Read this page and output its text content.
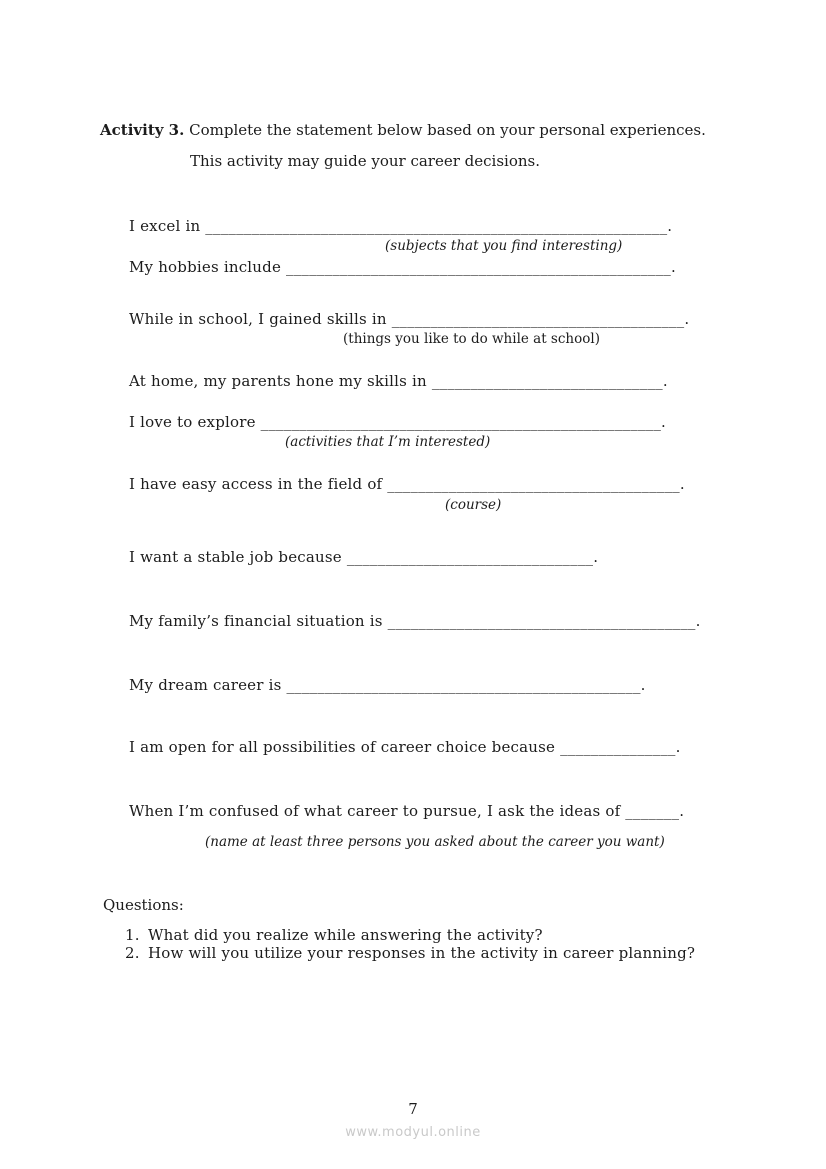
Activity 3. Complete the statement below based on your personal experiences.
This activity may guide your career decisions.
I excel in ____________________________________________________________.
(subjects that you find interesting)
My hobbies include __________________________________________________.
While in school, I gained skills in ______________________________________.
(things you like to do while at school)
At home, my parents hone my skills in ______________________________.
I love to explore ____________________________________________________.
(activities that I’m interested)
I have easy access in the field of ______________________________________.
(course)
I want a stable job because ________________________________.
My family’s financial situation is ________________________________________.
My dream career is ______________________________________________.
I am open for all possibilities of career choice because _______________.
When I’m confused of what career to pursue, I ask the ideas of _______.
(name at least three persons you asked about the career you want)
Questions:
1. What did you realize while answering the activity?
2. How will you utilize your responses in the activity in career planning?
7
www.modyul.online
